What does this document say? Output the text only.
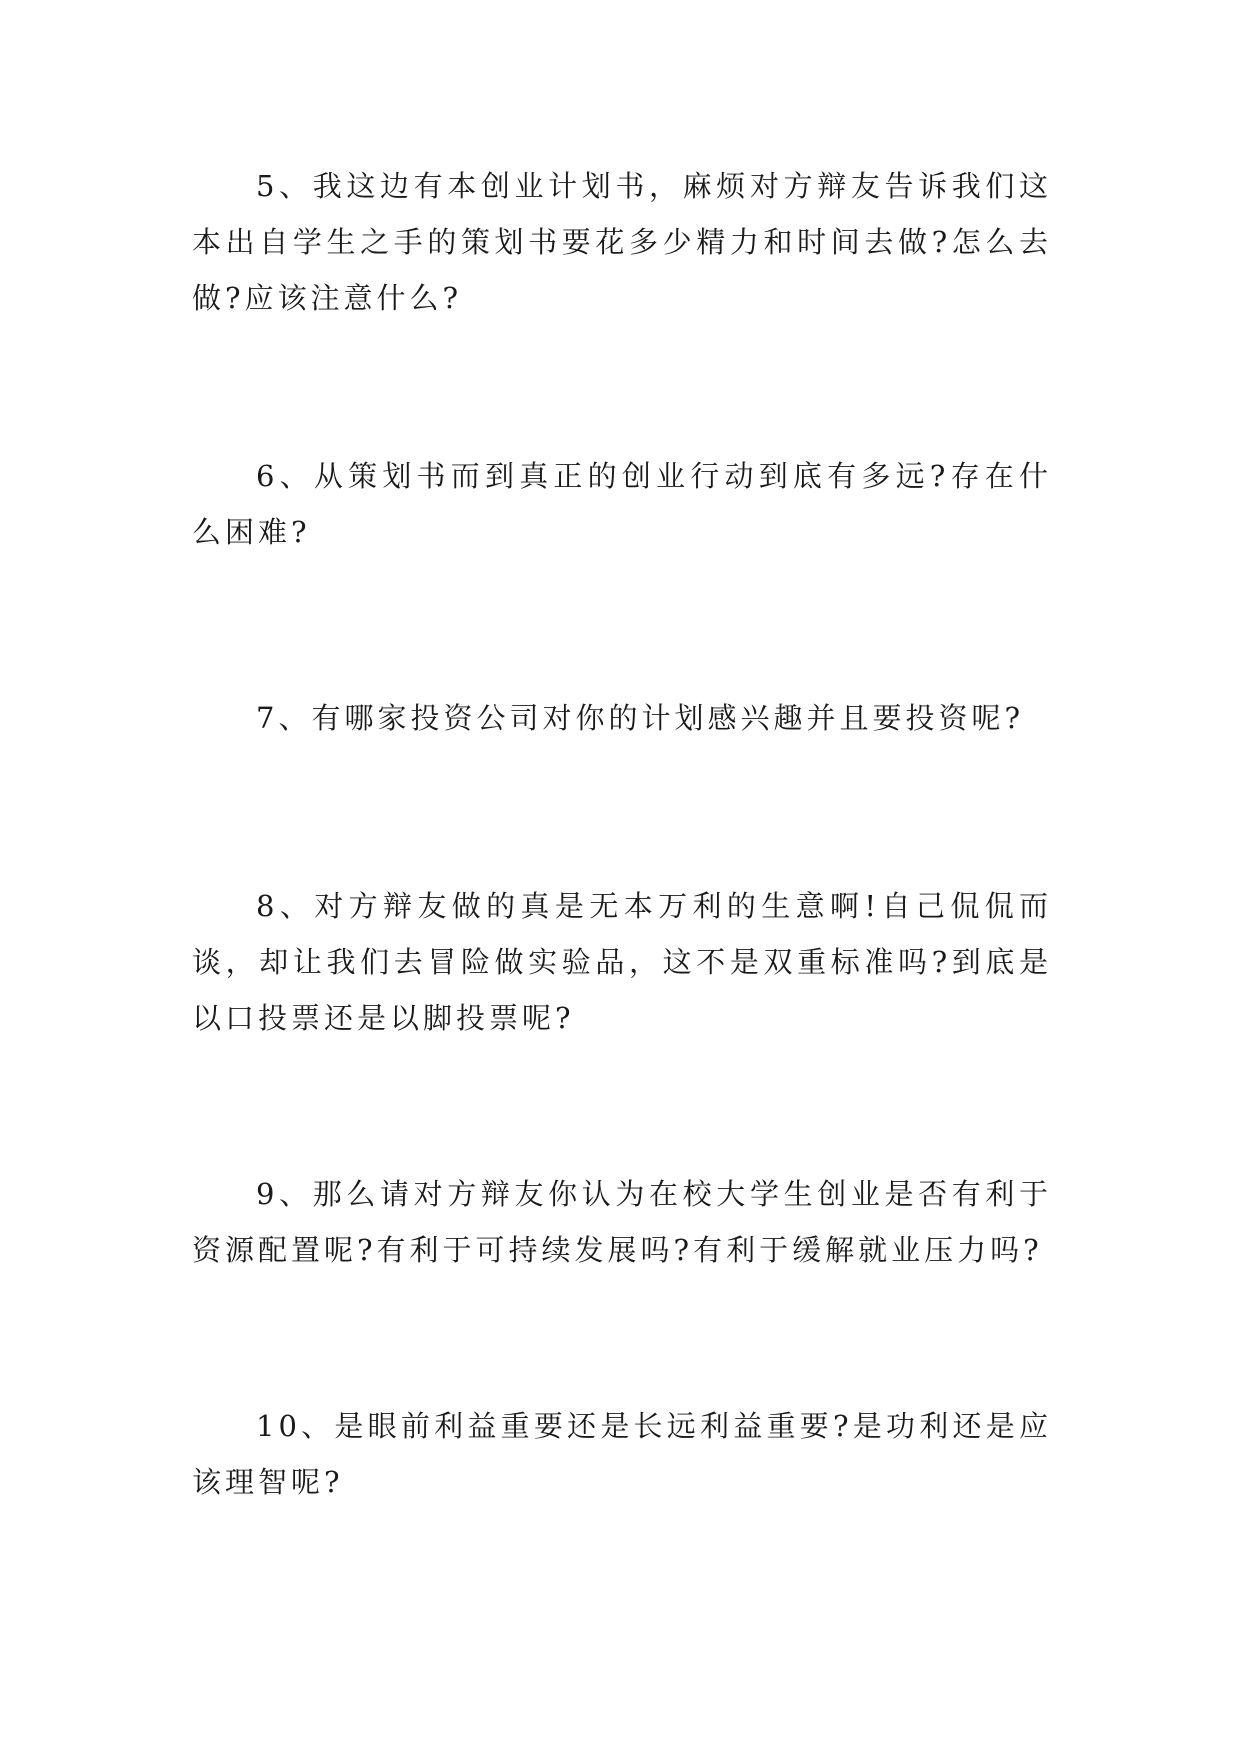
5、我这边有本创业计划书，麻烦对方辩友告诉我们这本出自学生之手的策划书要花多少精力和时间去做?怎么去做?应该注意什么?

6、从策划书而到真正的创业行动到底有多远?存在什么困难?

7、有哪家投资公司对你的计划感兴趣并且要投资呢?

8、对方辩友做的真是无本万利的生意啊!自己侃侃而谈，却让我们去冒险做实验品，这不是双重标准吗?到底是以口投票还是以脚投票呢?

9、那么请对方辩友你认为在校大学生创业是否有利于资源配置呢?有利于可持续发展吗?有利于缓解就业压力吗?

10、是眼前利益重要还是长远利益重要?是功利还是应该理智呢?
